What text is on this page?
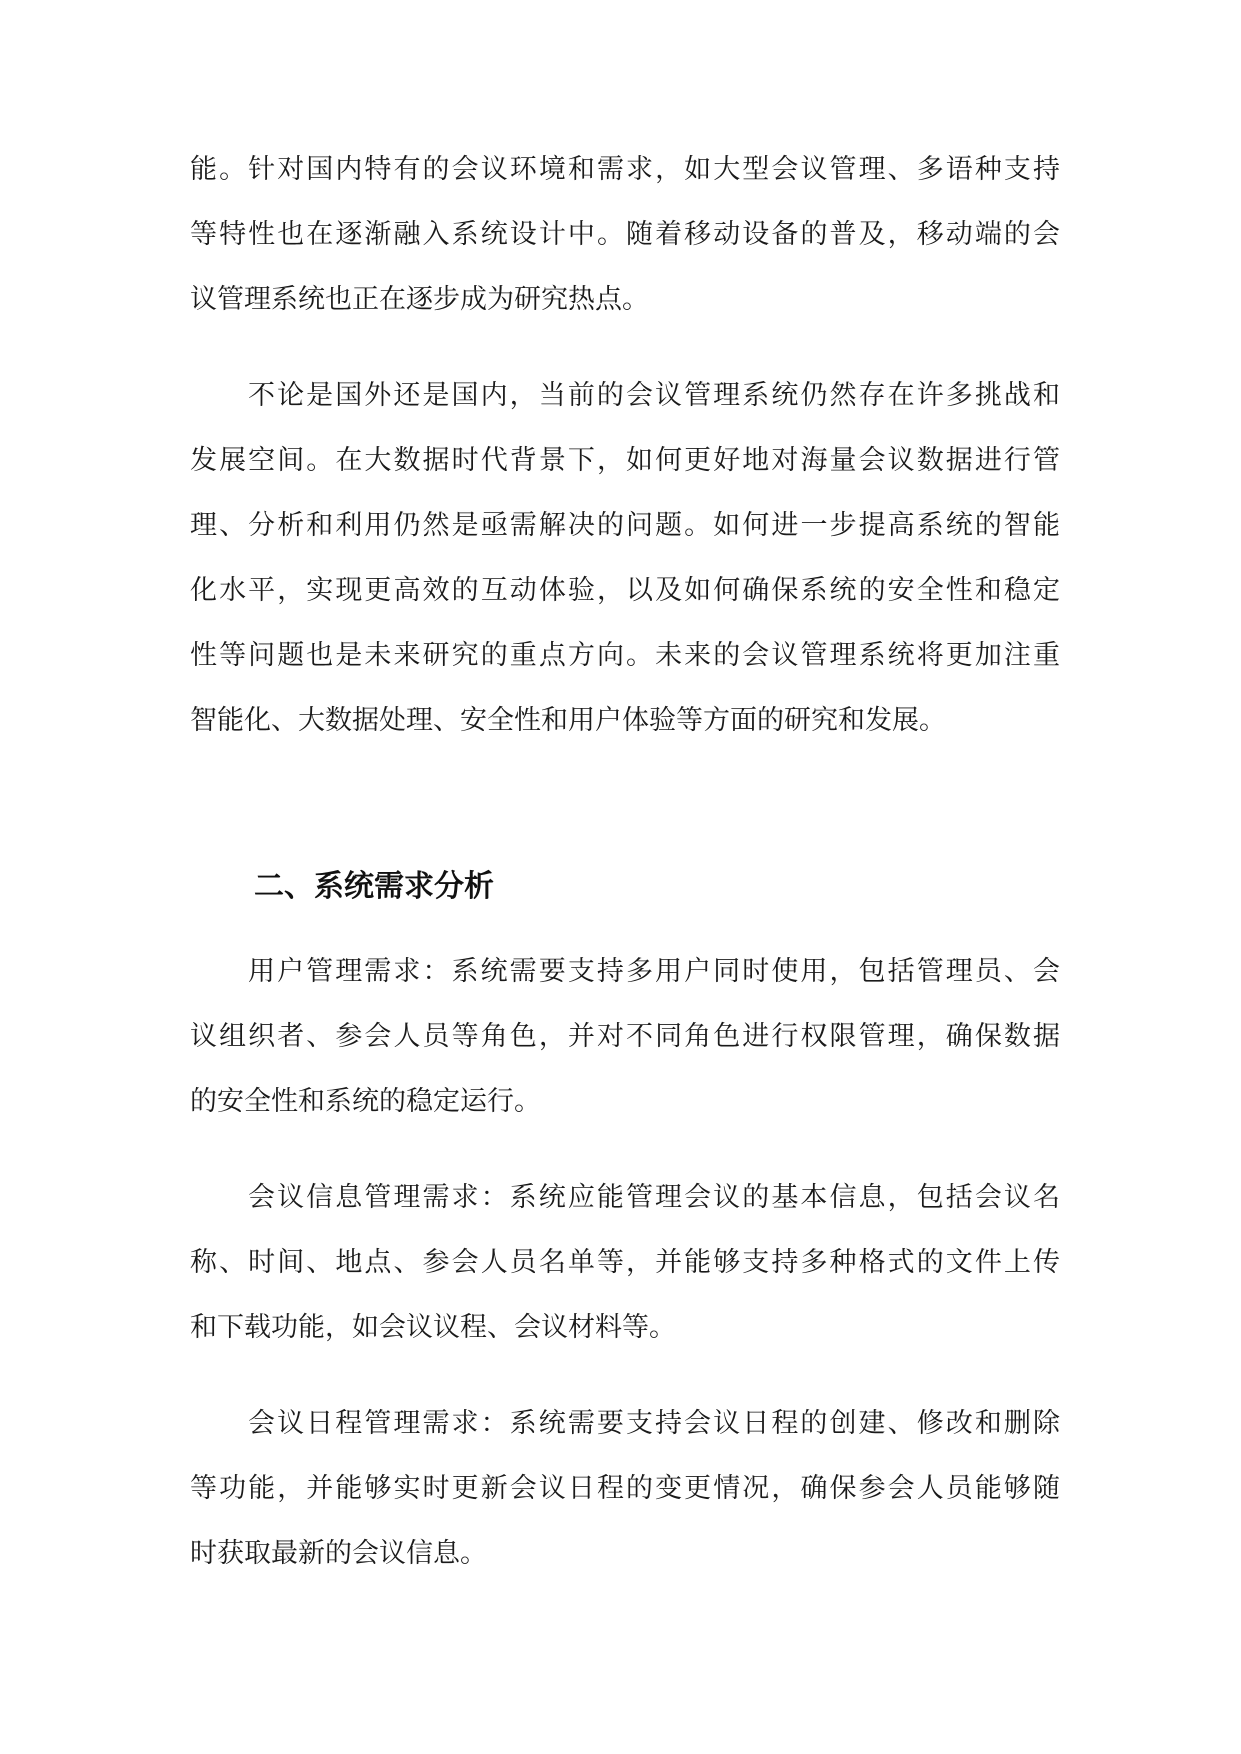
能。针对国内特有的会议环境和需求，如大型会议管理、多语种支持
等特性也在逐渐融入系统设计中。随着移动设备的普及，移动端的会
议管理系统也正在逐步成为研究热点。
不论是国外还是国内，当前的会议管理系统仍然存在许多挑战和
发展空间。在大数据时代背景下，如何更好地对海量会议数据进行管
理、分析和利用仍然是亟需解决的问题。如何进一步提高系统的智能
化水平，实现更高效的互动体验，以及如何确保系统的安全性和稳定
性等问题也是未来研究的重点方向。未来的会议管理系统将更加注重
智能化、大数据处理、安全性和用户体验等方面的研究和发展。
二、系统需求分析
用户管理需求：系统需要支持多用户同时使用，包括管理员、会
议组织者、参会人员等角色，并对不同角色进行权限管理，确保数据
的安全性和系统的稳定运行。
会议信息管理需求：系统应能管理会议的基本信息，包括会议名
称、时间、地点、参会人员名单等，并能够支持多种格式的文件上传
和下载功能，如会议议程、会议材料等。
会议日程管理需求：系统需要支持会议日程的创建、修改和删除
等功能，并能够实时更新会议日程的变更情况，确保参会人员能够随
时获取最新的会议信息。
